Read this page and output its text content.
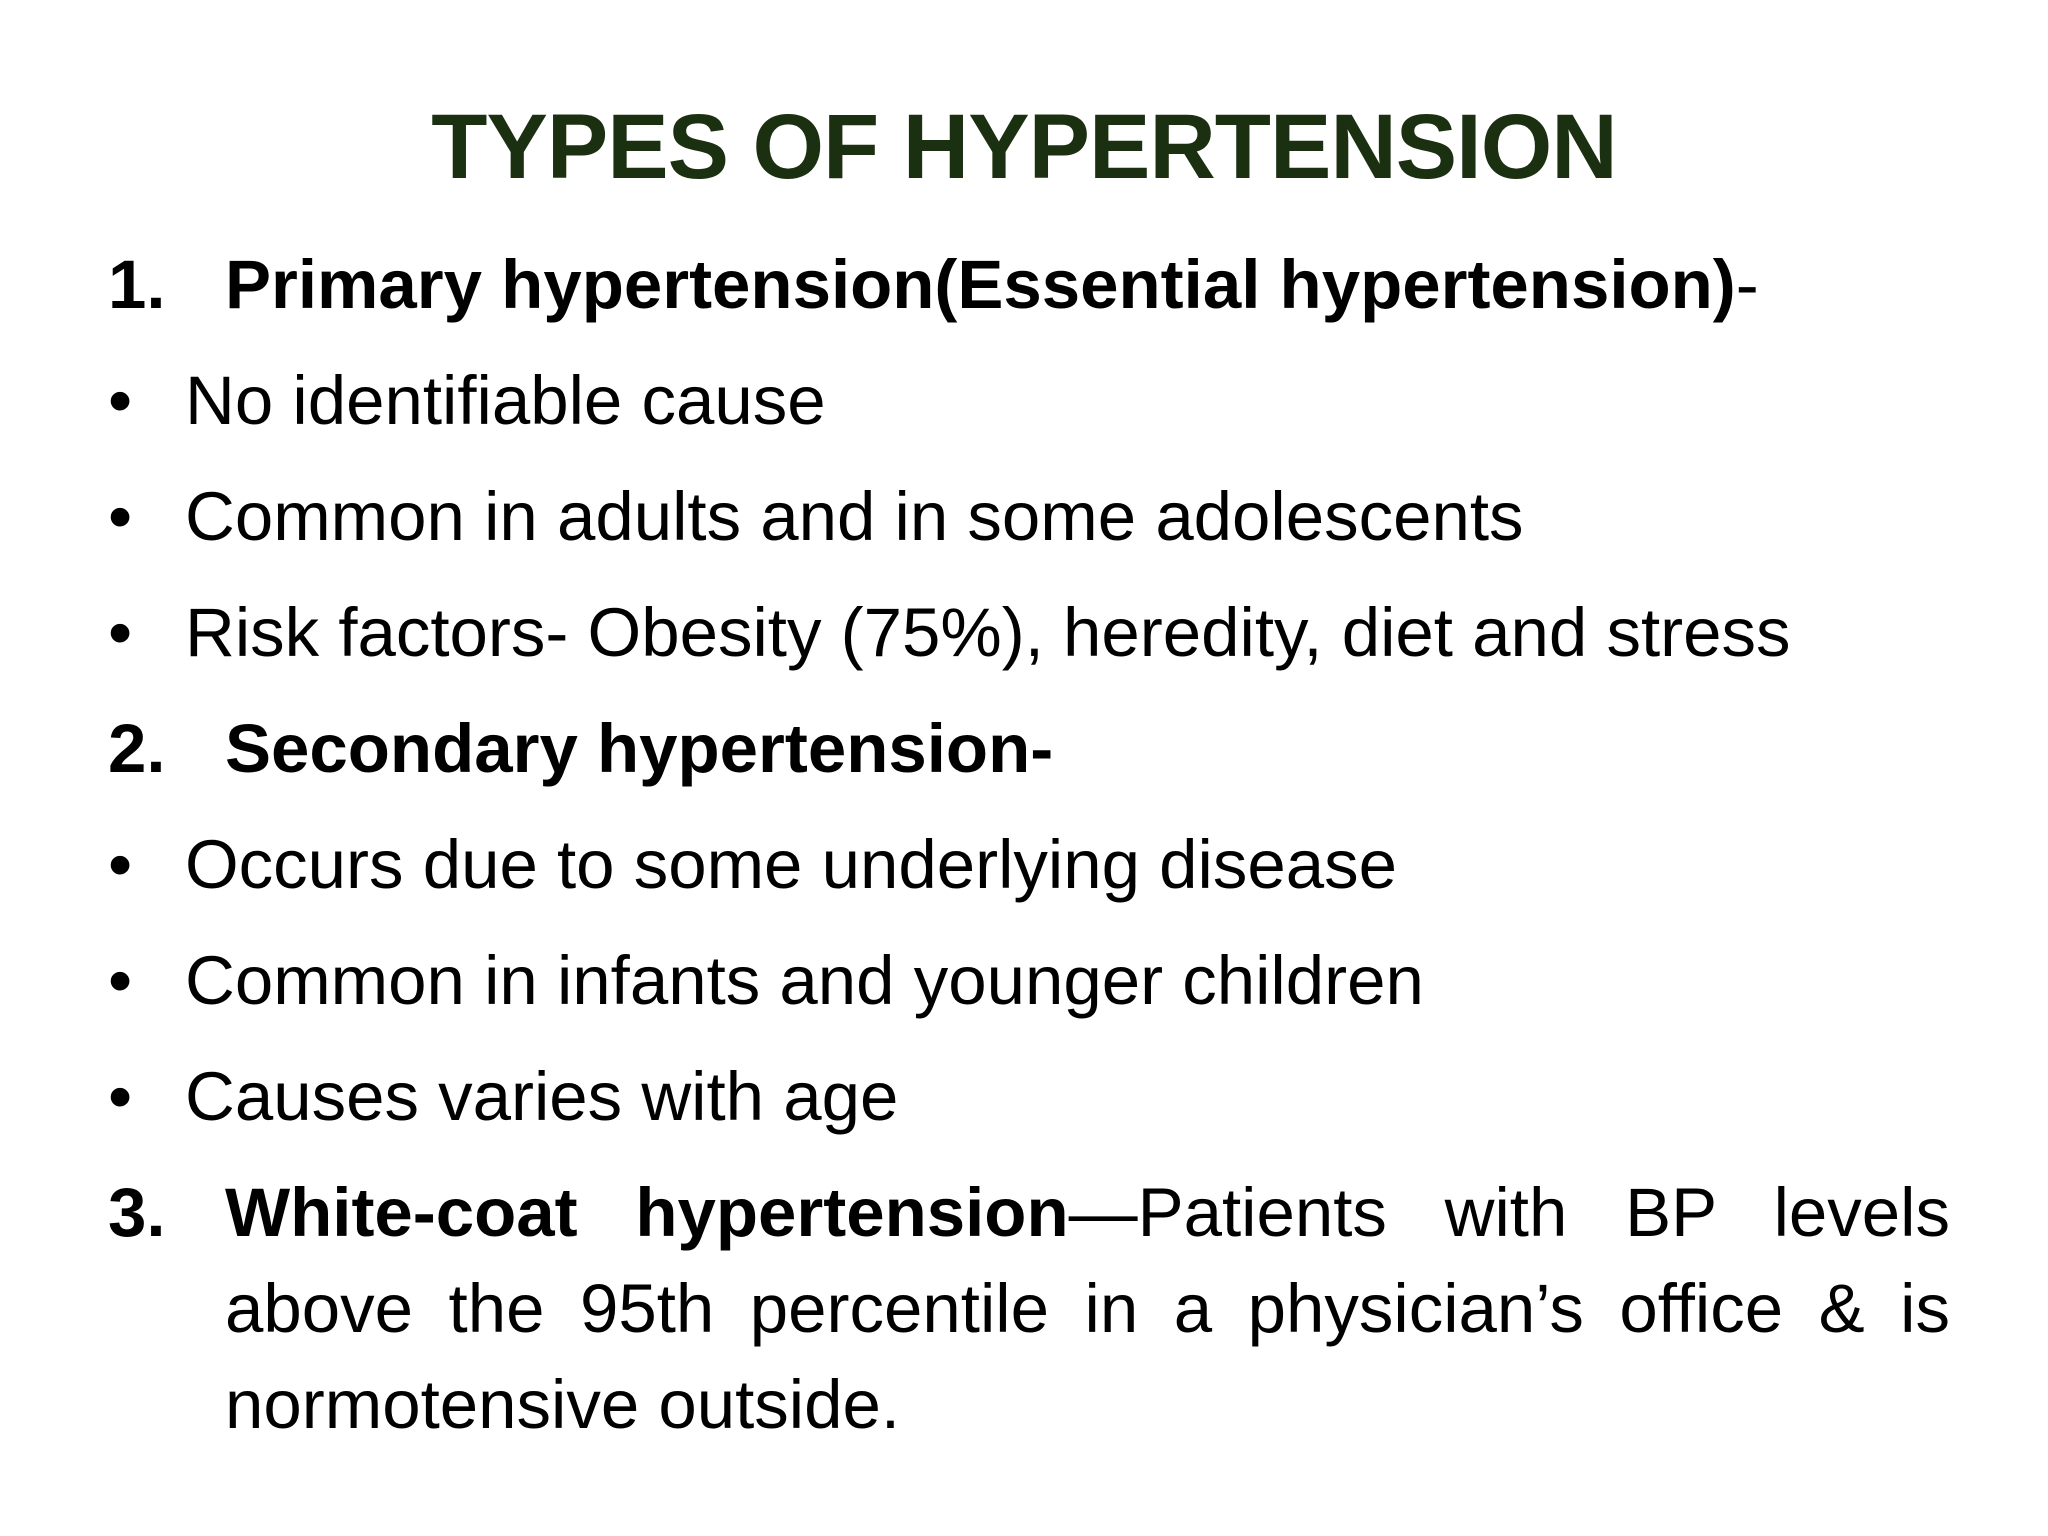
TYPES OF HYPERTENSION
1. Primary hypertension(Essential hypertension)-
• No identifiable cause
• Common in adults and in some adolescents
• Risk factors- Obesity (75%), heredity, diet and stress
2. Secondary hypertension-
• Occurs due to some underlying disease
• Common in infants and younger children
• Causes varies with age
3. White-coat hypertension—Patients with BP levels above the 95th percentile in a physician’s office & is normotensive outside.
